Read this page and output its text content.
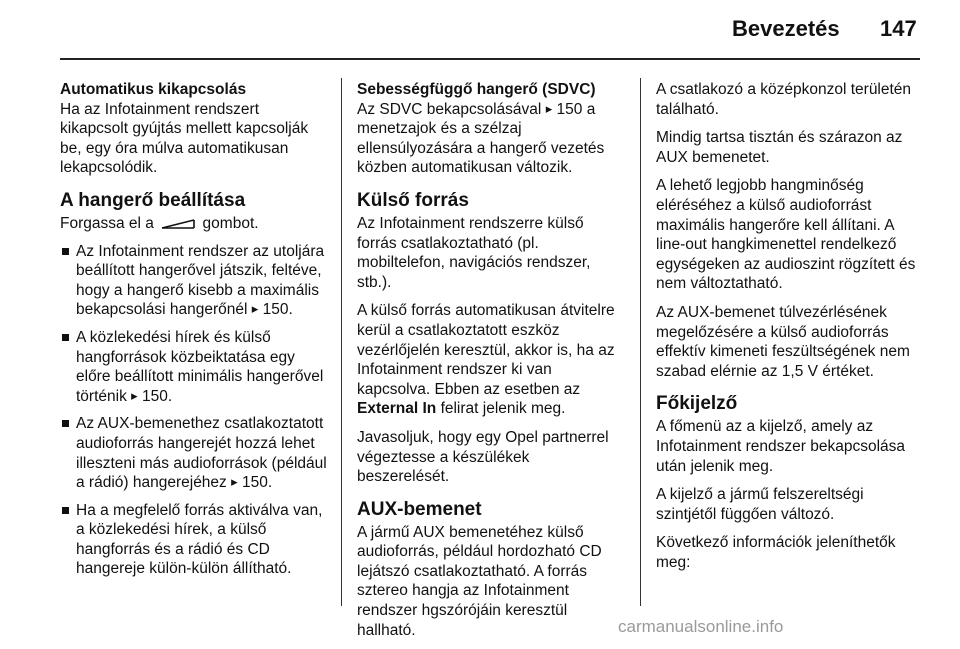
Bevezetés 147
Automatikus kikapcsolás

Ha az Infotainment rendszert kikapcsolt gyújtás mellett kapcsolják be, egy óra múlva automatikusan lekapcsolódik.

A hangerő beállítása
Forgassa el a	gombot.
Az Infotainment rendszer az utoljára beállított hangerővel játszik, feltéve, hogy a hangerő kisebb a maximális bekapcsolási hangerőnél ▸ 150.
A közlekedési hírek és külső hangforrások közbeiktatása egy előre beállított minimális hangerővel történik ▸ 150.
Az AUX-bemenethez csatlakoztatott audioforrás hangerejét hozzá lehet illeszteni más audioforrások (például a rádió) hangerejéhez ▸ 150.
Ha a megfelelő forrás aktiválva van, a közlekedési hírek, a külső hangforrás és a rádió és CD hangereje külön-külön állítható.
Sebességfüggő hangerő (SDVC)

Az SDVC bekapcsolásával ▸ 150 a menetzajok és a szélzaj ellensúlyozására a hangerő vezetés közben automatikusan változik.

Külső forrás

Az Infotainment rendszerre külső forrás csatlakoztatható (pl. mobiltelefon, navigációs rendszer, stb.).

A külső forrás automatikusan átvitelre kerül a csatlakoztatott eszköz vezérlőjelén keresztül, akkor is, ha az Infotainment rendszer ki van kapcsolva. Ebben az esetben az External In felirat jelenik meg.

Javasoljuk, hogy egy Opel partnerrel végeztesse a készülékek beszerelését.

AUX-bemenet

A jármű AUX bemenetéhez külső audioforrás, például hordozható CD lejátszó csatlakoztatható. A forrás sztereo hangja az Infotainment rendszer hgszórójáin keresztül hallható.

A csatlakozó a középkonzol területén található.

Mindig tartsa tisztán és szárazon az AUX bemenetet.

A lehető legjobb hangminőség eléréséhez a külső audioforrást maximális hangerőre kell állítani. A line-out hangkimenettel rendelkező egységeken az audioszint rögzített és nem változtatható.

Az AUX-bemenet túlvezérlésének megelőzésére a külső audioforrás effektív kimeneti feszültségének nem szabad elérnie az 1,5 V értéket.

Főkijelző

A főmenü az a kijelző, amely az Infotainment rendszer bekapcsolása után jelenik meg.

A kijelző a jármű felszereltségi szintjétől függően változó.

Következő információk jeleníthetők meg:

carmanualsonline.info
